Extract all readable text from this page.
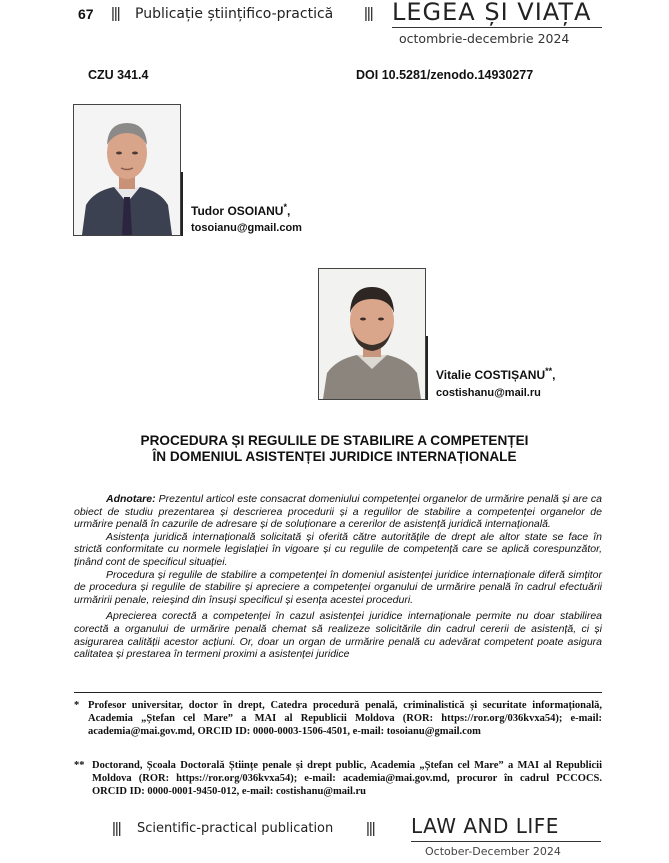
67 ||| Publicație științifico-practică ||| LEGEA ȘI VIAȚA
octombrie-decembrie 2024
CZU 341.4	DOI 10.5281/zenodo.14930277
Tudor OSOIANU*,
tosoianu@gmail.com
Vitalie COSTIȘANU**,
costishanu@mail.ru
PROCEDURA ȘI REGULILE DE STABILIRE A COMPETENȚEI
ÎN DOMENIUL ASISTENȚEI JURIDICE INTERNAȚIONALE

Adnotare: Prezentul articol este consacrat domeniului competenței organelor de urmărire penală și are ca obiect de studiu prezentarea și descrierea procedurii și a regulilor de stabilire a competenței organelor de urmărire penală în cazurile de adresare și de soluționare a cererilor de asistență juridică internațională.

Asistența juridică internațională solicitată și oferită către autoritățile de drept ale altor state se face în strictă conformitate cu normele legislației în vigoare și cu regulile de competență care se aplică corespunzător, ținând cont de specificul situației.

Procedura și regulile de stabilire a competenței în domeniul asistenței juridice internaționale diferă simțitor de procedura și regulile de stabilire și apreciere a competenței organului de urmărire penală în cadrul efectuării urmăririi penale, reieșind din însuși specificul și esența acestei proceduri.

Aprecierea corectă a competenței în cazul asistenței juridice internaționale permite nu doar stabilirea corectă a organului de urmărire penală chemat să realizeze solicitările din cadrul cererii de asistență, ci și asigurarea calității acestor acțiuni. Or, doar un organ de urmărire penală cu adevărat competent poate asigura calitatea și prestarea în termeni proximi a asistenței juridice

* Profesor universitar, doctor în drept, Catedra procedură penală, criminalistică și securitate informațională, Academia „Ștefan cel Mare” a MAI al Republicii Moldova (ROR: https://ror.org/036kvxa54); e-mail: academia@mai.gov.md, ORCID ID: 0000-0003-1506-4501, e-mail: tosoianu@gmail.com
** Doctorand, Școala Doctorală Științe penale și drept public, Academia „Ștefan cel Mare” a MAI al Republicii Moldova (ROR: https://ror.org/036kvxa54); e-mail: academia@mai.gov.md, procuror în cadrul PCCOCS. ORCID ID: 0000-0001-9450-012, e-mail: costishanu@mail.ru
||| Scientific-practical publication ||| LAW AND LIFE
October-December 2024
